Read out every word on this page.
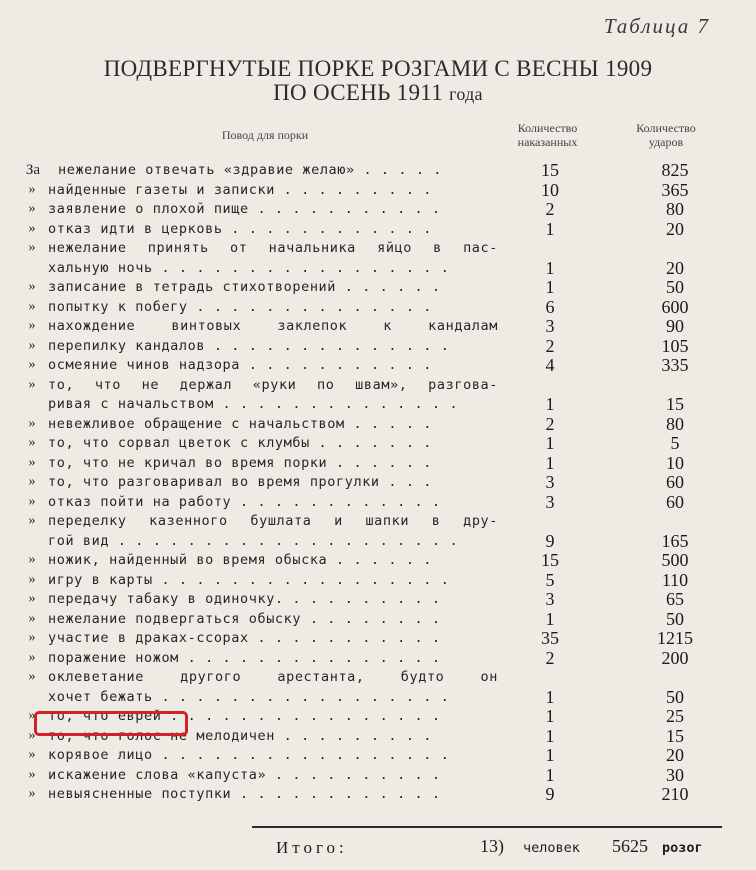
Таблица 7
ПОДВЕРГНУТЫЕ ПОРКЕ РОЗГАМИ С ВЕСНЫ 1909
ПО ОСЕНЬ 1911 года
Повод для порки	Количество
наказанных
Количество
ударов
За	нежелание отвечать «здравие желаю» . . . . .	15	825
» найденные газеты и записки . . . . . . . . .	10	365
» заявление о плохой пище . . . . . . . . . . .	2	80
» отказ идти в церковь . . . . . . . . . . . .	1	20
» нежелание принять от начальника яйцо в пас-
хальную ночь . . . . . . . . . . . . . . . . .	1	20
» записание в тетрадь стихотворений . . . . . .	1	50
» попытку к побегу . . . . . . . . . . . . . .	6	600
» нахождение винтовых заклепок к кандалам	3	90
» перепилку кандалов . . . . . . . . . . . . . .	2	105
» осмеяние чинов надзора . . . . . . . . . . .	4	335
» то, что не держал «руки по швам», разгова-
ривая с начальством . . . . . . . . . . . . . .	1	15
» невежливое обращение с начальством . . . . .	2	80
» то, что сорвал цветок с клумбы . . . . . . .	1	5
» то, что не кричал во время порки . . . . . .	1	10
» то, что разговаривал во время прогулки . . .	3	60
» отказ пойти на работу . . . . . . . . . . . .	3	60
» переделку казенного бушлата и шапки в дру-
гой вид . . . . . . . . . . . . . . . . . . . .	9	165
» ножик, найденный во время обыска . . . . . .	15	500
» игру в карты . . . . . . . . . . . . . . . . .	5	110
» передачу табаку в одиночку. . . . . . . . . .	3	65
» нежелание подвергаться обыску . . . . . . . .	1	50
» участие в драках-ссорах . . . . . . . . . . .	35	1215
» поражение ножом . . . . . . . . . . . . . . .	2	200
» оклеветание другого арестанта, будто он
хочет бежать . . . . . . . . . . . . . . . . .	1	50
» то, что еврей . . . . . . . . . . . . . . . .	1	25
» то, что голос не мелодичен . . . . . . . . .	1	15
» корявое лицо . . . . . . . . . . . . . . . . .	1	20
» искажение слова «капуста» . . . . . . . . . .	1	30
» невыясненные поступки . . . . . . . . . . . .	9	210
Итого:	13) человек 5625 розог
